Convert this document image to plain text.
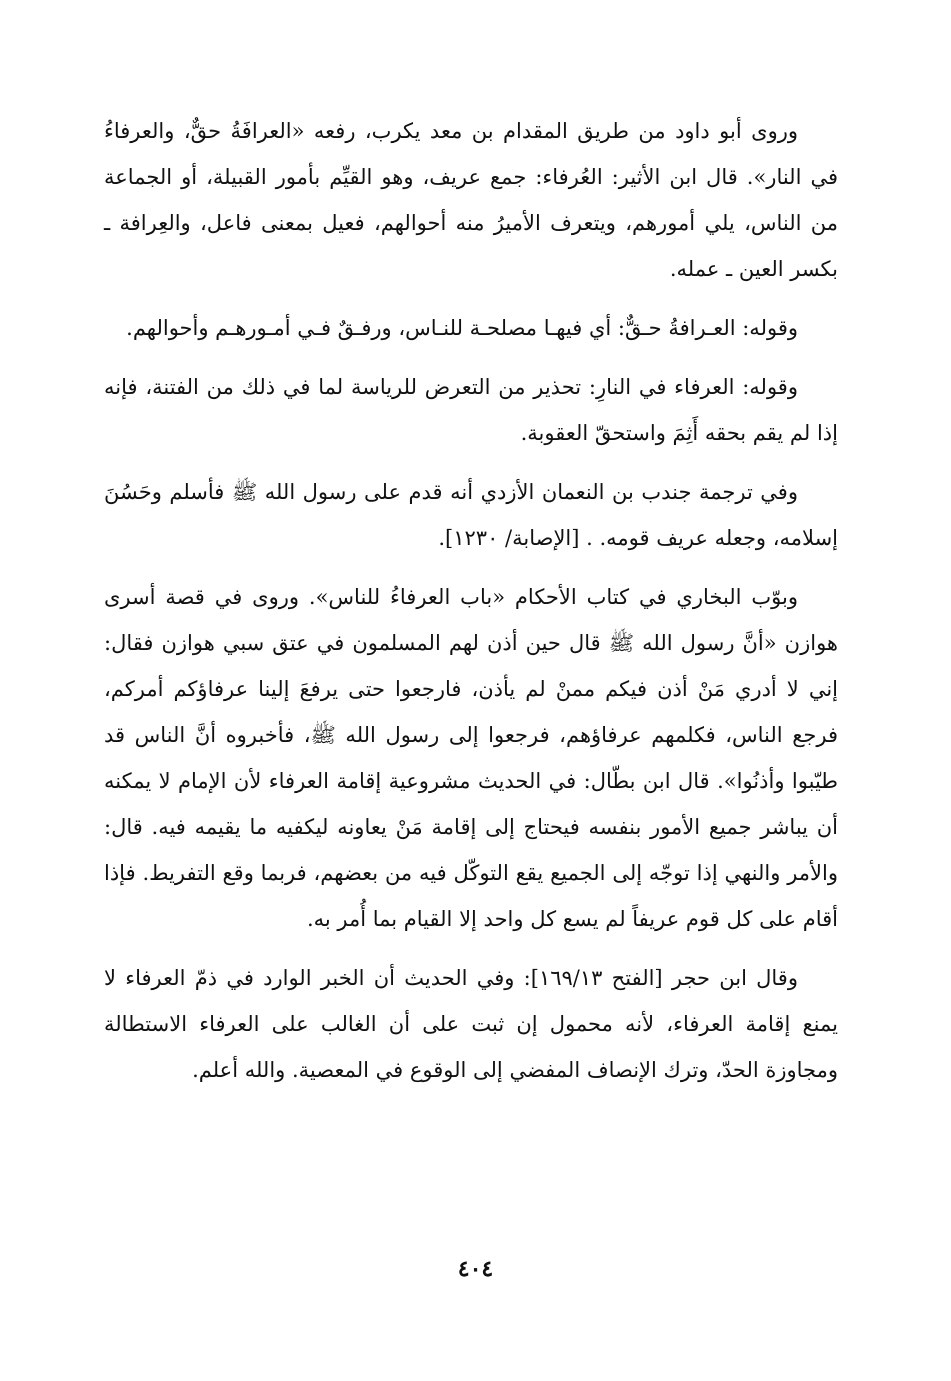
وروى أبو داود من طريق المقدام بن معد يكرب، رفعه «العرافَةُ حقٌّ، والعرفاءُ في النار». قال ابن الأثير: العُرفاء: جمع عريف، وهو القيِّم بأمور القبيلة، أو الجماعة من الناس، يلي أمورهم، ويتعرف الأميرُ منه أحوالهم، فعيل بمعنى فاعل، والعِرافة ـ بكسر العين ـ عمله.

وقوله: العـرافةُ حـقٌّ: أي فيهـا مصلحـة للنـاس، ورفـقٌ فـي أمـورهـم وأحوالهم.

وقوله: العرفاء في النارِ: تحذير من التعرض للرياسة لما في ذلك من الفتنة، فإنه إذا لم يقم بحقه أَثِمَ واستحقّ العقوبة.

وفي ترجمة جندب بن النعمان الأزدي أنه قدم على رسول الله ﷺ فأسلم وحَسُنَ إسلامه، وجعله عريف قومه. . [الإصابة/ ١٢٣٠].

وبوّب البخاري في كتاب الأحكام «باب العرفاءُ للناس». وروى في قصة أسرى هوازن «أنَّ رسول الله ﷺ قال حين أذن لهم المسلمون في عتق سبي هوازن فقال: إني لا أدري مَنْ أذن فيكم ممنْ لم يأذن، فارجعوا حتى يرفعَ إلينا عرفاؤكم أمركم، فرجع الناس، فكلمهم عرفاؤهم، فرجعوا إلى رسول الله ﷺ، فأخبروه أنَّ الناس قد طيّبوا وأذنُوا». قال ابن بطّال: في الحديث مشروعية إقامة العرفاء لأن الإمام لا يمكنه أن يباشر جميع الأمور بنفسه فيحتاج إلى إقامة مَنْ يعاونه ليكفيه ما يقيمه فيه. قال: والأمر والنهي إذا توجّه إلى الجميع يقع التوكّل فيه من بعضهم، فربما وقع التفريط. فإذا أقام على كل قوم عريفاً لم يسع كل واحد إلا القيام بما أُمر به.

وقال ابن حجر [الفتح ١٦٩/١٣]: وفي الحديث أن الخبر الوارد في ذمّ العرفاء لا يمنع إقامة العرفاء، لأنه محمول إن ثبت على أن الغالب على العرفاء الاستطالة ومجاوزة الحدّ، وترك الإنصاف المفضي إلى الوقوع في المعصية. والله أعلم.

٤٠٤
